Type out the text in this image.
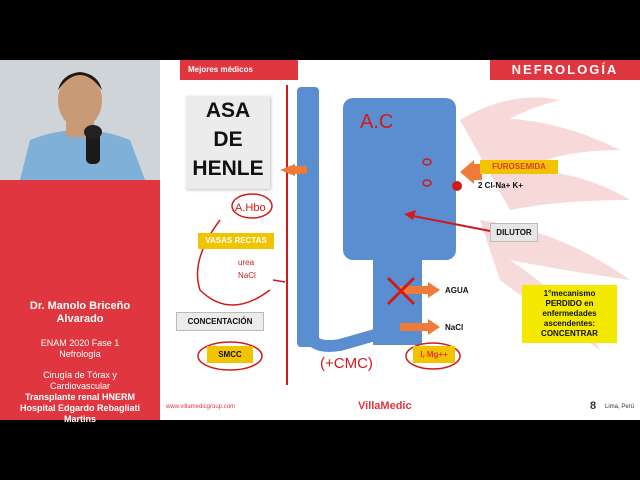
Dr. Manolo Briceño
Alvarado
ENAM 2020 Fase 1
Nefrología
Cirugía de Tórax y
Cardiovascular
Transplante renal HNERM
Hospital Edgardo Rebagliati
Martins
Mejores médicos	NEFROLOGÍA
ASA
DE
HENLE
A.C
A.Hbo
urea
NaCl
(+CMC)
FUROSEMIDA
2 Cl-Na+ K+
DILUTOR
VASAS RECTAS
AGUA
NaCl
CONCENTACIÓN
SMCC	I, Mg++
1°mecanismo
PERDIDO en
enfermedades
ascendentes:
CONCENTRAR
www.villamedicgroup.com	VillaMedic	8 Lima, Perú
